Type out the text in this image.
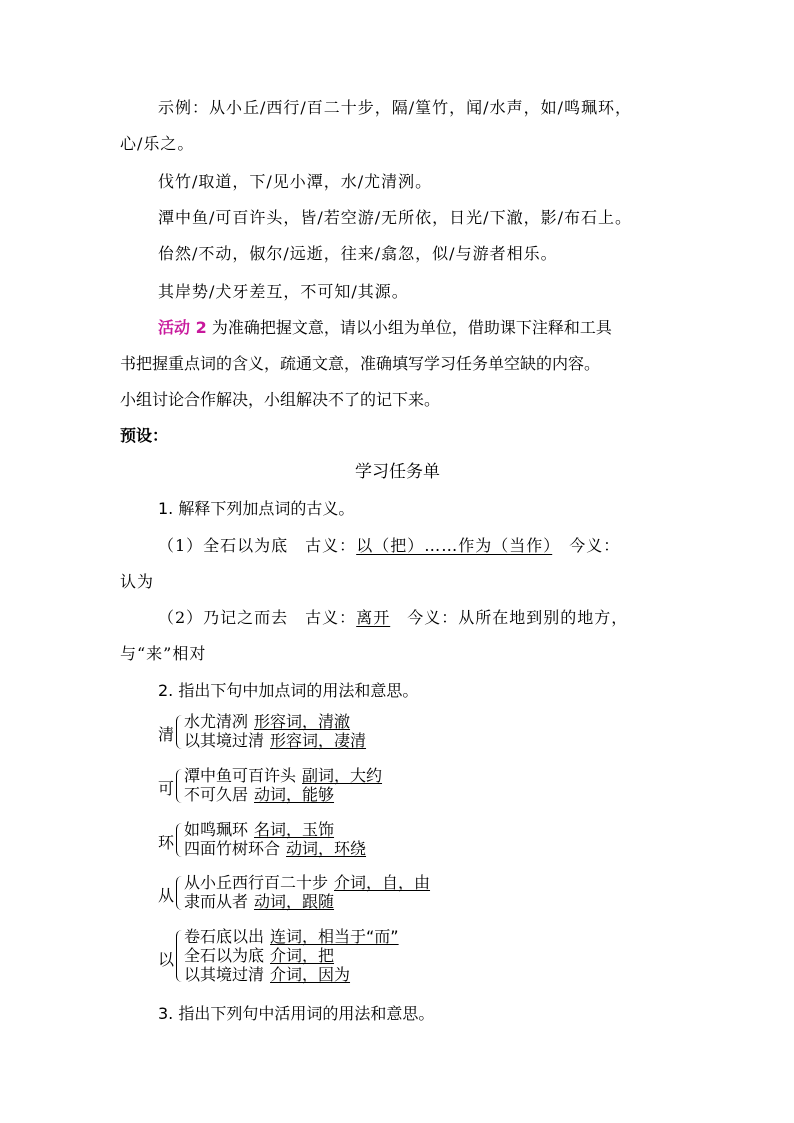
示例：从小丘/西行/百二十步，隔/篁竹，闻/水声，如/鸣珮环，
心/乐之。
伐竹/取道，下/见小潭，水/尤清洌。
潭中鱼/可百许头，皆/若空游/无所依，日光/下澈，影/布石上。
佁然/不动，俶尔/远逝，往来/翕忽，似/与游者相乐。
其岸势/犬牙差互，不可知/其源。
活动 2 为准确把握文意，请以小组为单位，借助课下注释和工具
书把握重点词的含义，疏通文意，准确填写学习任务单空缺的内容。
小组讨论合作解决，小组解决不了的记下来。
预设：
学习任务单
1. 解释下列加点词的古义。
（1）全石以为底　古义：以（把）……作为（当作）　今义：
认为
（2）乃记之而去　古义：离开　今义：从所在地到别的地方，
与“来”相对
2. 指出下句中加点词的用法和意思。
清
水尤清冽 形容词，清澈
以其境过清 形容词，凄清
可
潭中鱼可百许头 副词，大约
不可久居 动词，能够
环
如鸣珮环 名词，玉饰
四面竹树环合 动词，环绕
从
从小丘西行百二十步 介词，自，由
隶而从者 动词，跟随
以
卷石底以出 连词，相当于“而”
全石以为底 介词，把
以其境过清 介词，因为
3. 指出下列句中活用词的用法和意思。
